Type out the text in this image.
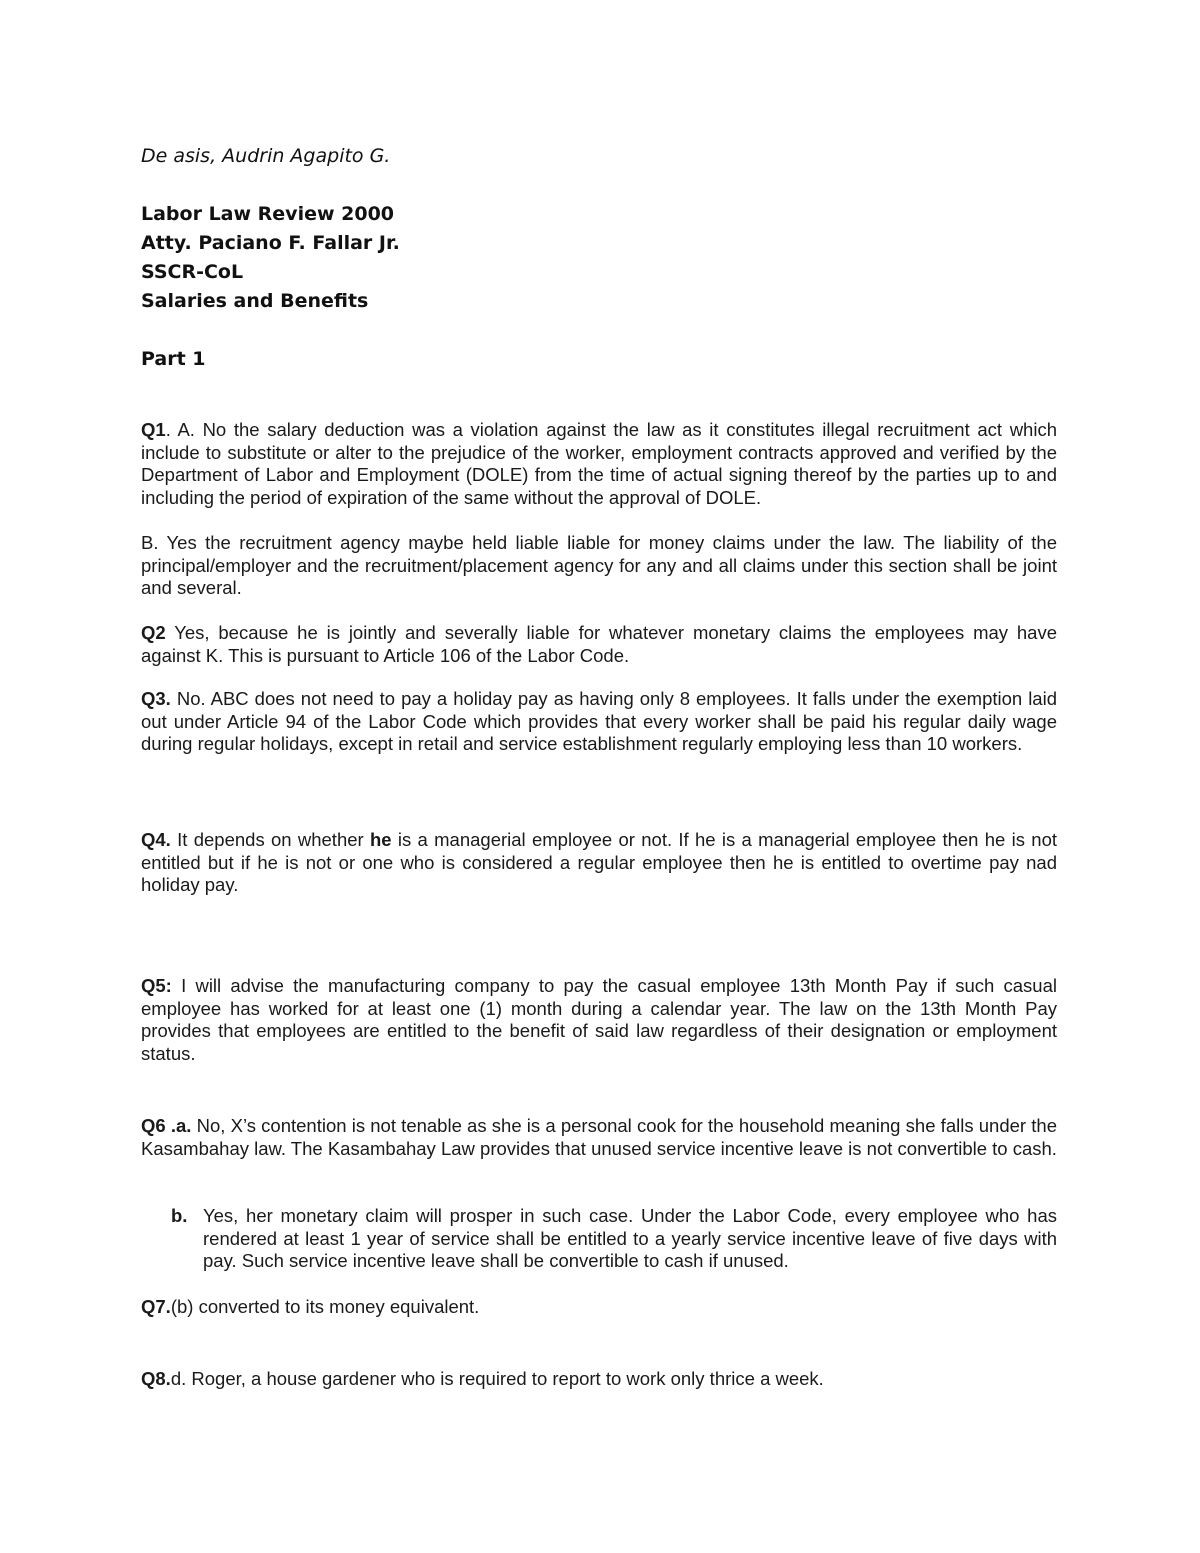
De asis, Audrin Agapito G.
Labor Law Review 2000
Atty. Paciano F. Fallar Jr.
SSCR-CoL
Salaries and Benefits
Part 1

Q1. A. No the salary deduction was a violation against the law as it constitutes illegal recruitment act which include to substitute or alter to the prejudice of the worker, employment contracts approved and verified by the Department of Labor and Employment (DOLE) from the time of actual signing thereof by the parties up to and including the period of expiration of the same without the approval of DOLE.

B. Yes the recruitment agency maybe held liable liable for money claims under the law. The liability of the principal/employer and the recruitment/placement agency for any and all claims under this section shall be joint and several.

Q2 Yes, because he is jointly and severally liable for whatever monetary claims the employees may have against K. This is pursuant to Article 106 of the Labor Code.

Q3. No. ABC does not need to pay a holiday pay as having only 8 employees. It falls under the exemption laid out under Article 94 of the Labor Code which provides that every worker shall be paid his regular daily wage during regular holidays, except in retail and service establishment regularly employing less than 10 workers.

Q4. It depends on whether he is a managerial employee or not. If he is a managerial employee then he is not entitled but if he is not or one who is considered a regular employee then he is entitled to overtime pay nad holiday pay.

Q5: I will advise the manufacturing company to pay the casual employee 13th Month Pay if such casual employee has worked for at least one (1) month during a calendar year. The law on the 13th Month Pay provides that employees are entitled to the benefit of said law regardless of their designation or employment status.

Q6 .a. No, X’s contention is not tenable as she is a personal cook for the household meaning she falls under the Kasambahay law. The Kasambahay Law provides that unused service incentive leave is not convertible to cash.

b. Yes, her monetary claim will prosper in such case. Under the Labor Code, every employee who has rendered at least 1 year of service shall be entitled to a yearly service incentive leave of five days with pay. Such service incentive leave shall be convertible to cash if unused.

Q7.(b) converted to its money equivalent.

Q8.d. Roger, a house gardener who is required to report to work only thrice a week.
